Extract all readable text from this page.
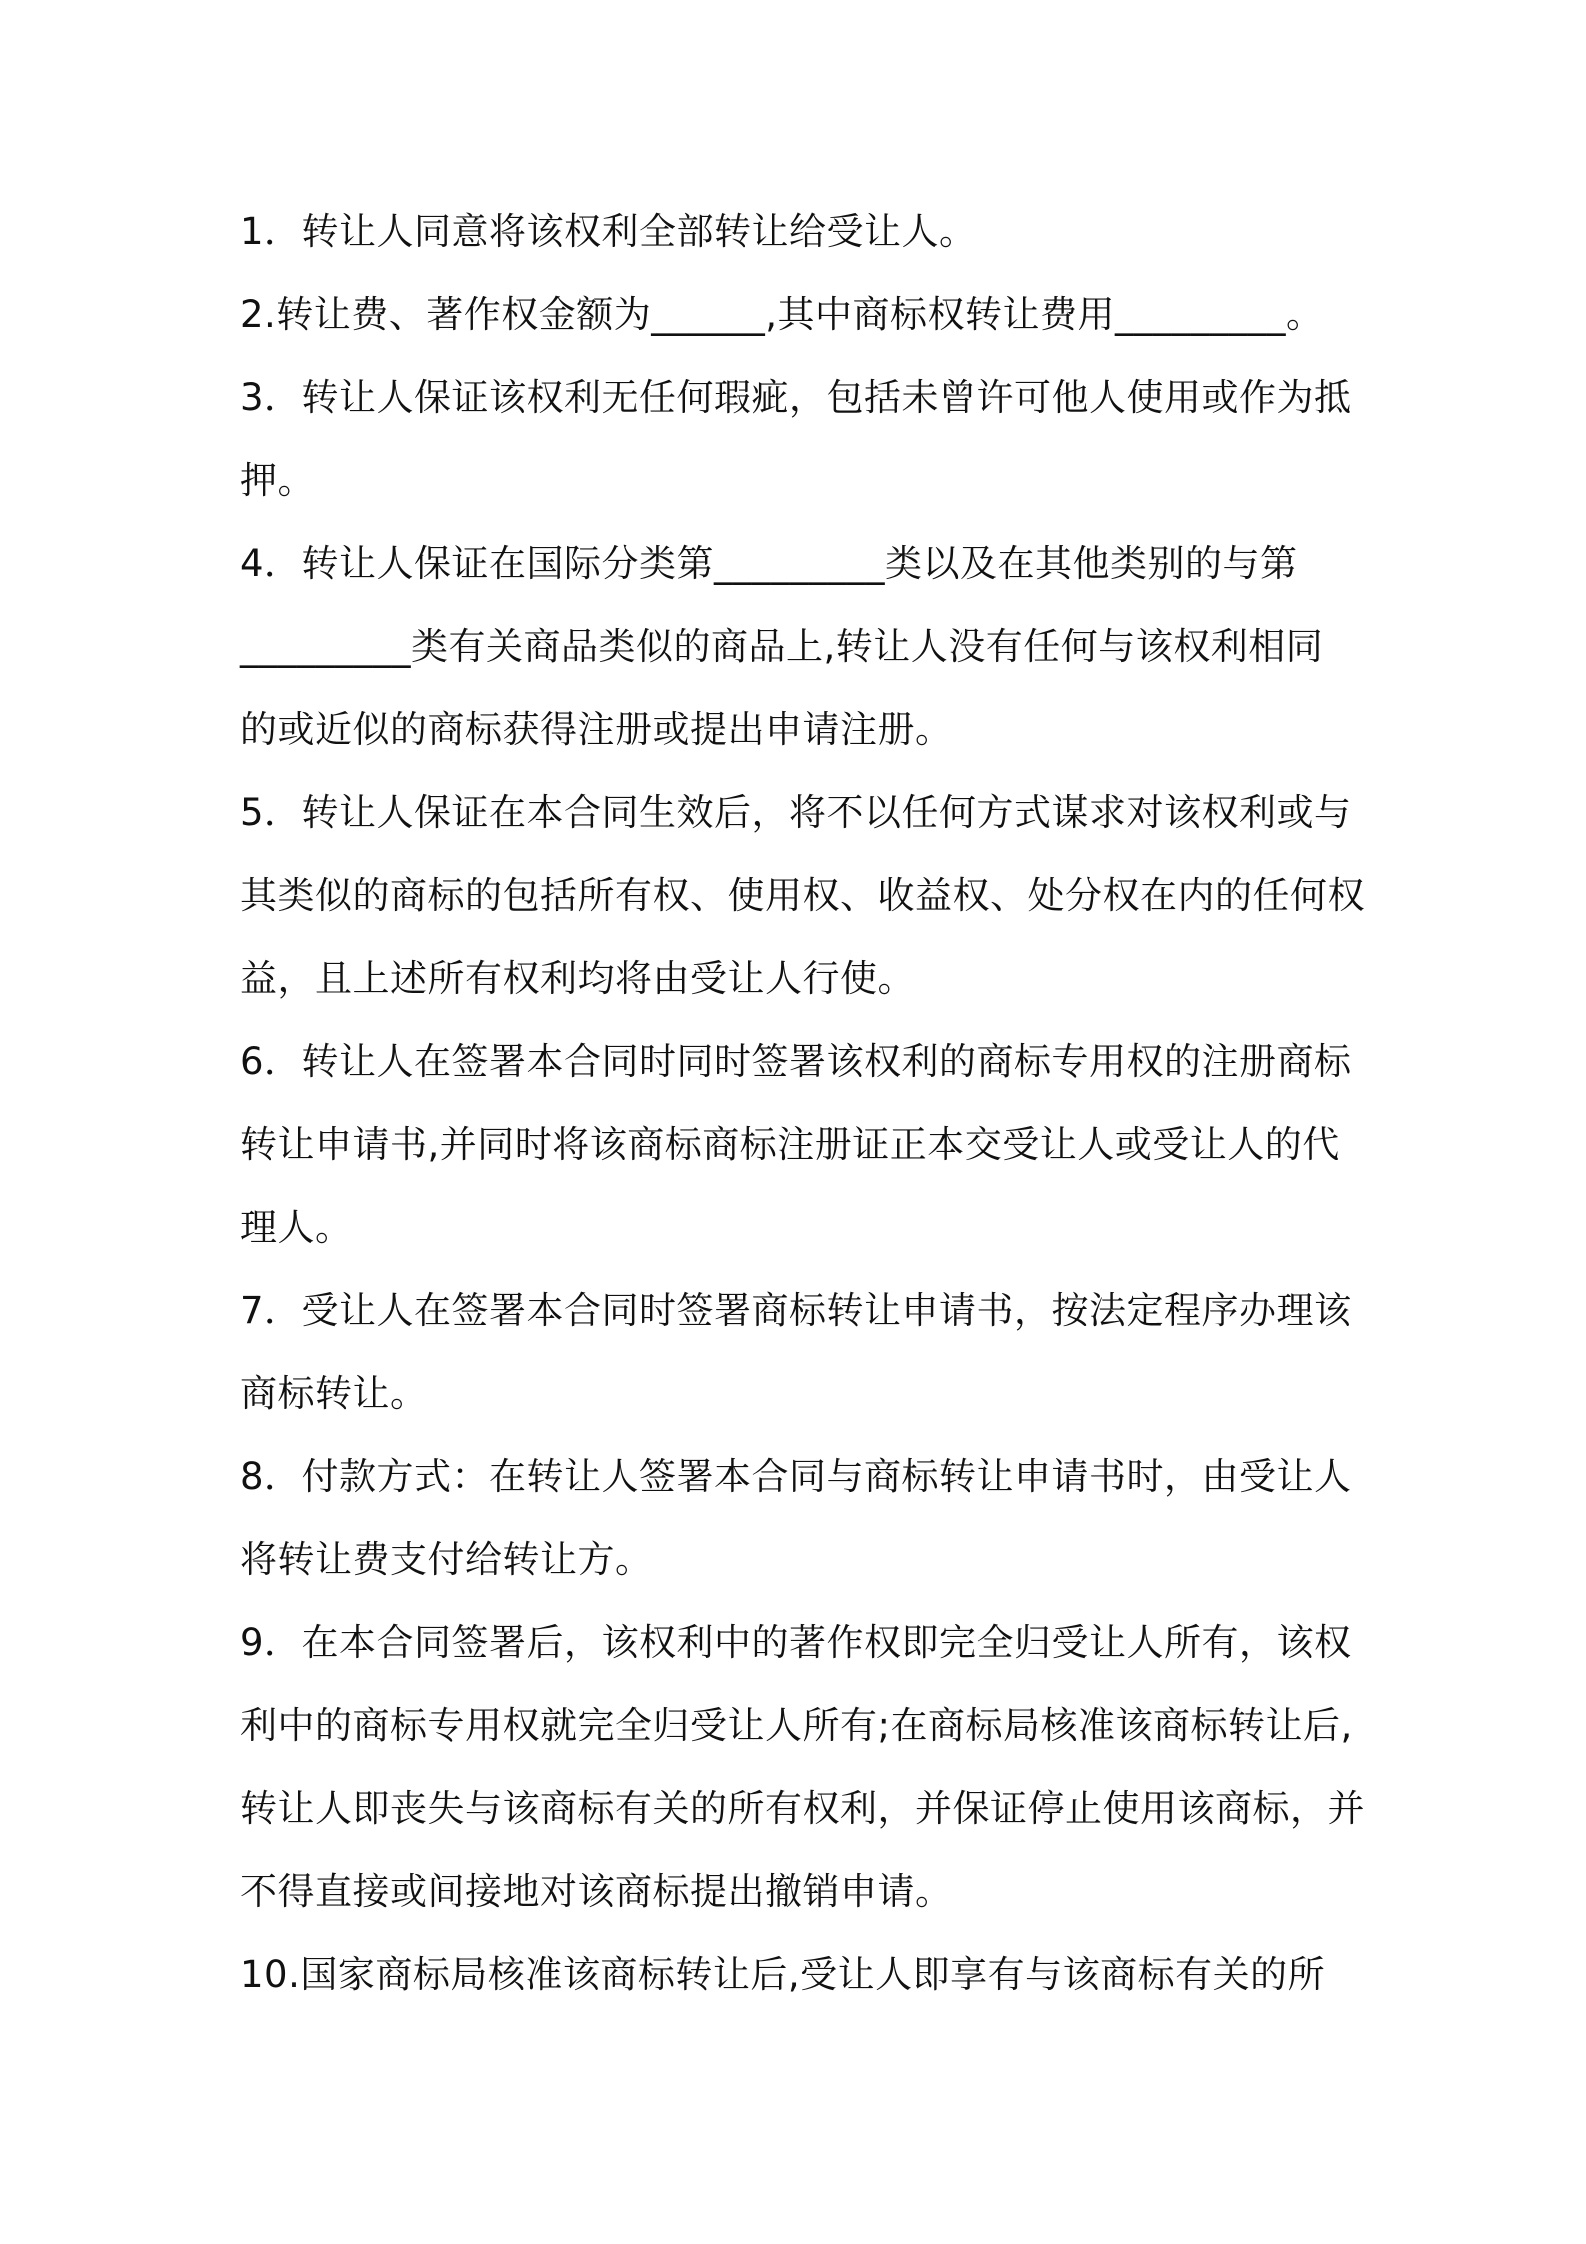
1．转让人同意将该权利全部转让给受让人。
2.转让费、著作权金额为______,其中商标权转让费用_________。
3．转让人保证该权利无任何瑕疵，包括未曾许可他人使用或作为抵
押。
4．转让人保证在国际分类第_________类以及在其他类别的与第
_________类有关商品类似的商品上,转让人没有任何与该权利相同
的或近似的商标获得注册或提出申请注册。
5．转让人保证在本合同生效后，将不以任何方式谋求对该权利或与
其类似的商标的包括所有权、使用权、收益权、处分权在内的任何权
益，且上述所有权利均将由受让人行使。
6．转让人在签署本合同时同时签署该权利的商标专用权的注册商标
转让申请书,并同时将该商标商标注册证正本交受让人或受让人的代
理人。
7．受让人在签署本合同时签署商标转让申请书，按法定程序办理该
商标转让。
8．付款方式：在转让人签署本合同与商标转让申请书时，由受让人
将转让费支付给转让方。
9．在本合同签署后，该权利中的著作权即完全归受让人所有，该权
利中的商标专用权就完全归受让人所有;在商标局核准该商标转让后,
转让人即丧失与该商标有关的所有权利，并保证停止使用该商标，并
不得直接或间接地对该商标提出撤销申请。
10.国家商标局核准该商标转让后,受让人即享有与该商标有关的所
